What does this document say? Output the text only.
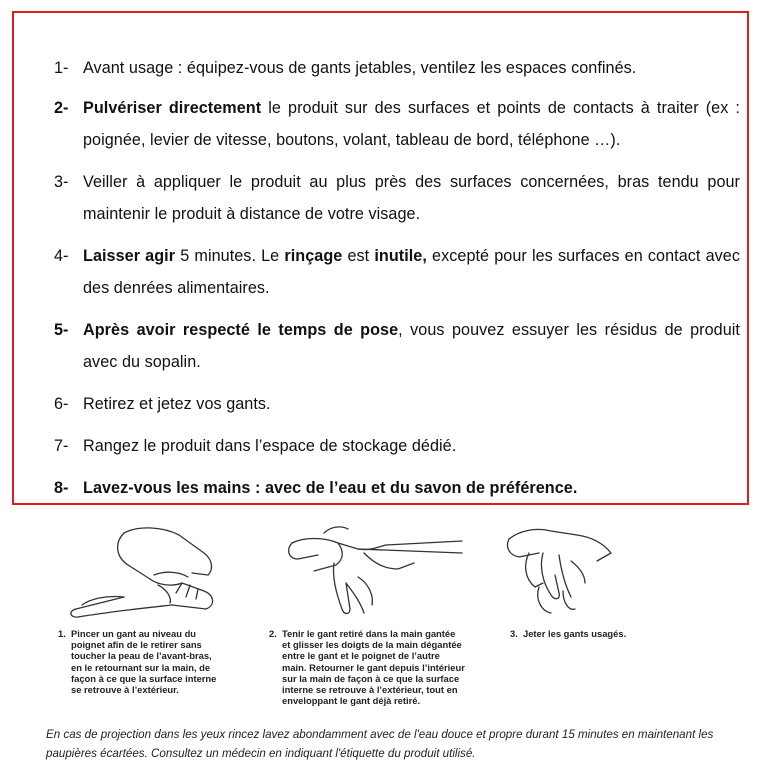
1- Avant usage : équipez-vous de gants jetables, ventilez les espaces confinés.
2- Pulvériser directement le produit sur des surfaces et points de contacts à traiter (ex : poignée, levier de vitesse, boutons, volant, tableau de bord, téléphone …).
3- Veiller à appliquer le produit au plus près des surfaces concernées, bras tendu pour maintenir le produit à distance de votre visage.
4- Laisser agir 5 minutes. Le rinçage est inutile, excepté pour les surfaces en contact avec des denrées alimentaires.
5- Après avoir respecté le temps de pose, vous pouvez essuyer les résidus de produit avec du sopalin.
6- Retirez et jetez vos gants.
7- Rangez le produit dans l’espace de stockage dédié.
8- Lavez-vous les mains : avec de l’eau et du savon de préférence.
1. Pincer un gant au niveau du
poignet afin de le retirer sans
toucher la peau de l’avant-bras,
en le retournant sur la main, de
façon à ce que la surface interne
se retrouve à l’extérieur.
2. Tenir le gant retiré dans la main gantée
et glisser les doigts de la main dégantée
entre le gant et le poignet de l’autre
main. Retourner le gant depuis l’intérieur
sur la main de façon à ce que la surface
interne se retrouve à l’extérieur, tout en
enveloppant le gant déjà retiré.
3. Jeter les gants usagés.
En cas de projection dans les yeux rincez lavez abondamment avec de l'eau douce et propre durant 15 minutes en maintenant les paupières écartées. Consultez un médecin en indiquant l'étiquette du produit utilisé.
